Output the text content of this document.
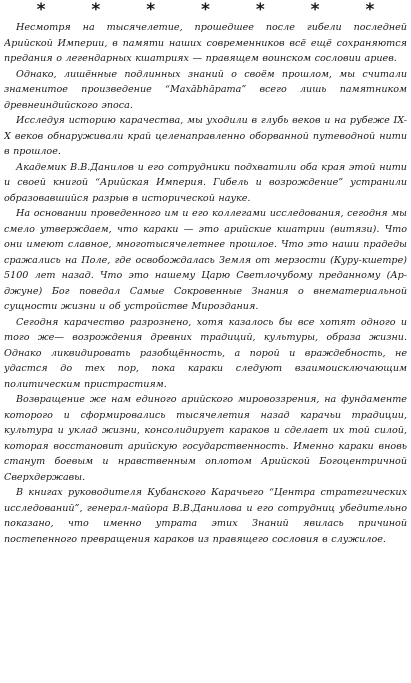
* * * * * * *

Несмотря на тысячелетие, прошедшее после гибели последней Арийской Империи, в памяти наших современников всё ещё сохраняются предания о легендарных кшатриях — правящем воинском сословии ариев.

Однако, лишённые подлинных знаний о своём прошлом, мы считали знаменитое произведение “Махābhāрата” всего лишь памятником древнеиндийского эпоса.

Исследуя историю карачества, мы уходили в глубь веков и на рубеже IX-X веков обнаруживали край целенаправленно оборванной путеводной нити в прошлое.

Академик В.В.Данилов и его сотрудники подхватили оба края этой нити и своей книгой “Арийская Империя. Гибель и возрождение” устранили образовавшийся разрыв в исторической науке.

На основании проведенного им и его коллегами исследования, сегодня мы смело утверждаем, что караки — это арийские кшатрии (витязи). Что они имеют славное, многотысячелетнее прошлое. Что это наши прадеды сражались на Поле, где освобождалась Земля от мерзости (Куру-кшетре) 5100 лет назад. Что это нашему Царю Светлочубому преданному (Ар-джуне) Бог поведал Самые Сокровенные Знания о внематериальной сущности жизни и об устройстве Мироздания.

Сегодня карачество разрознено, хотя казалось бы все хотят одного и того же— возрождения древних традиций, культуры, образа жизни. Однако ликвидировать разобщённость, а порой и враждебность, не удастся до тех пор, пока караки следуют взаимоисключающим политическим пристрастиям.

Возвращение же нам единого арийского мировоззрения, на фундаменте которого и сформировались тысячелетия назад карачьи традиции, культура и уклад жизни, консолидирует караков и сделает их той силой, которая восстановит арийскую государственность. Именно караки вновь станут боевым и нравственным оплотом Арийской Богоцентричной Сверхдержавы.

В книгах руководителя Кубанского Карачьего “Центра стратегических исследований”, генерал-майора В.В.Данилова и его сотрудниц убедительно показано, что именно утрата этих Знаний явилась причиной постепенного превращения караков из правящего сословия в служилое.
